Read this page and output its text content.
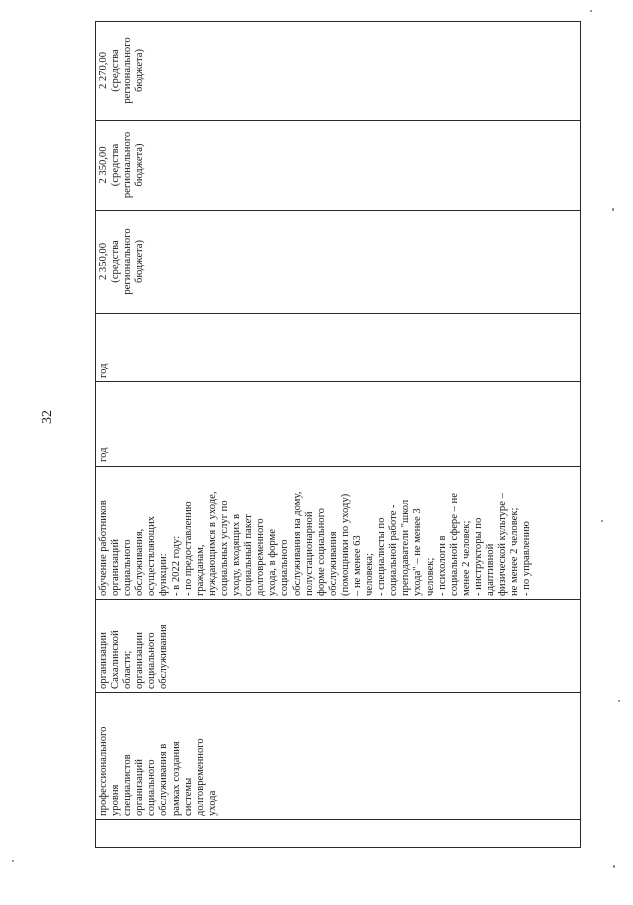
32
профессионального уровня специалистов организаций социального обслуживания в
рамках создания
системы долговременного ухода
организации Сахалинской области; организации социального обслуживания
обучение работников организаций социального обслуживания, осуществляющих функции: - в 2022 году: - по предоставлению гражданам, нуждающимся в уходе, социальных услуг по уходу, входящих в социальный пакет долговременного ухода, в форме социального обслуживания на дому, полустационарной форме социального обслуживания (помощники по уходу) – не менее 63 человека; - специалисты по социальной работе - преподаватели "школ ухода" – не менее 3 человек; - психологи в социальной сфере – не менее 2 человек; - инструкторы по адаптивной физической культуре – не менее 2 человек; - по управлению
год
год
2 350,00 (средства регионального бюджета)
2 350,00 (средства регионального бюджета)
2 270,00 (средства регионального бюджета)
